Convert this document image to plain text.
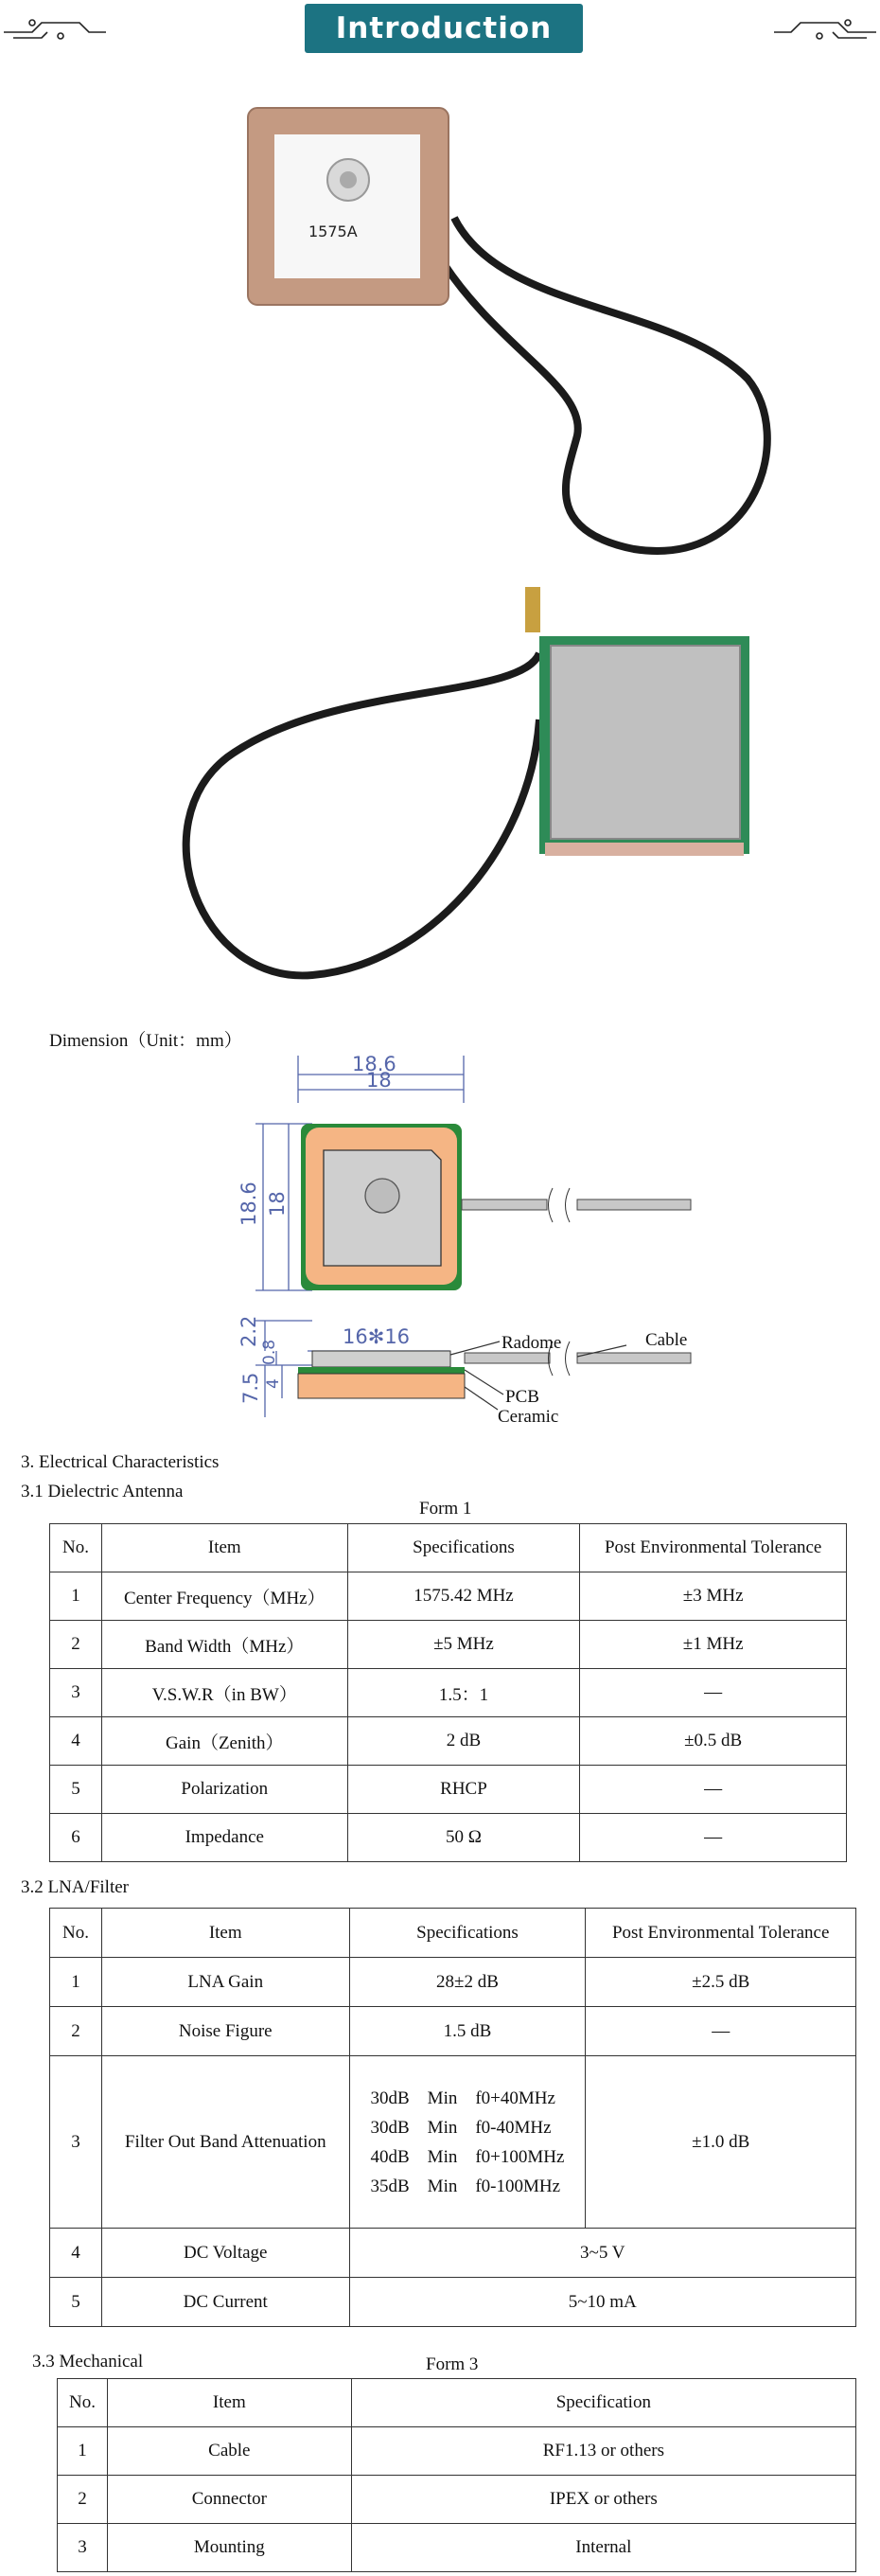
Introduction
1575A
Dimension（Unit：mm）
18.6
18
18.6 18
2.2
0.8
4
7.5
16✻16	Radome
PCB
Ceramic
Cable
3. Electrical Characteristics
3.1 Dielectric Antenna
Form 1
No.	Item	Specifications	Post Environmental Tolerance
1	Center Frequency（MHz）	1575.42 MHz	±3 MHz
2	Band Width（MHz）	±5 MHz	±1 MHz
3	V.S.W.R（in BW）	1.5：1	—
4	Gain（Zenith）	2 dB	±0.5 dB
5	Polarization	RHCP	—
6	Impedance	50 Ω	—
3.2 LNA/Filter
No.	Item	Specifications	Post Environmental Tolerance
1	LNA Gain	28±2 dB	±2.5 dB
2	Noise Figure	1.5 dB	—
3	Filter Out Band Attenuation	30dB    Min    f0+40MHz
30dB    Min    f0-40MHz
40dB    Min    f0+100MHz
35dB    Min    f0-100MHz	±1.0 dB
4	DC Voltage	3~5 V	
5	DC Current	5~10 mA	
3.3 Mechanical	Form 3
No.	Item	Specification
1	Cable	RF1.13 or others
2	Connector	IPEX or others
3	Mounting	Internal
